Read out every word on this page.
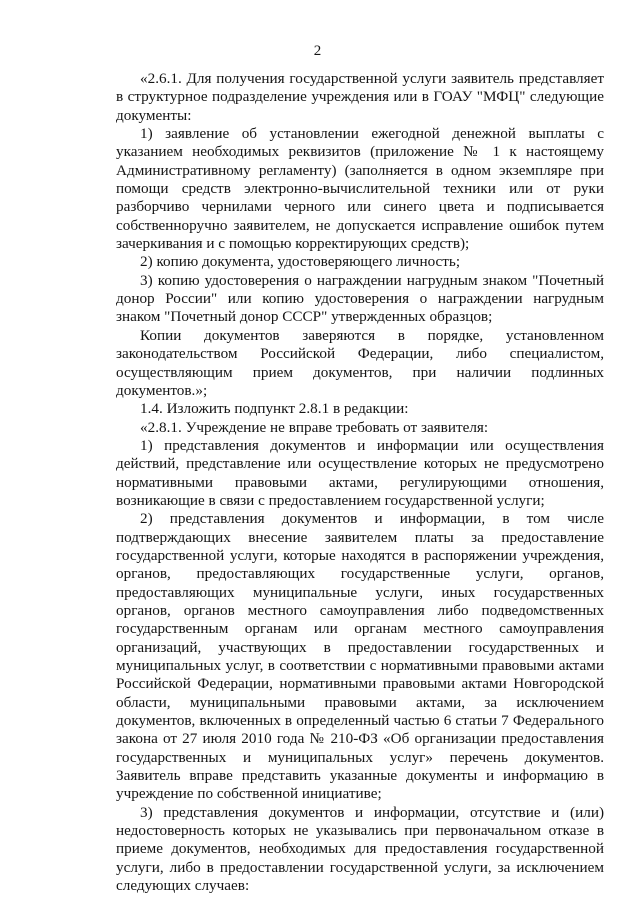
2

«2.6.1. Для получения государственной услуги заявитель представляет в структурное подразделение учреждения или в ГОАУ "МФЦ" следующие документы:

1) заявление об установлении ежегодной денежной выплаты с указанием необходимых реквизитов (приложение № 1 к настоящему Административному регламенту) (заполняется в одном экземпляре при помощи средств электронно-вычислительной техники или от руки разборчиво чернилами черного или синего цвета и подписывается собственноручно заявителем, не допускается исправление ошибок путем зачеркивания и с помощью корректирующих средств);

2) копию документа, удостоверяющего личность;

3) копию удостоверения о награждении нагрудным знаком "Почетный донор России" или копию удостоверения о награждении нагрудным знаком "Почетный донор СССР" утвержденных образцов;

Копии документов заверяются в порядке, установленном законодательством Российской Федерации, либо специалистом, осуществляющим прием документов, при наличии подлинных документов.»;

1.4. Изложить подпункт 2.8.1 в редакции:

«2.8.1. Учреждение не вправе требовать от заявителя:

1) представления документов и информации или осуществления действий, представление или осуществление которых не предусмотрено нормативными правовыми актами, регулирующими отношения, возникающие в связи с предоставлением государственной услуги;

2) представления документов и информации, в том числе подтверждающих внесение заявителем платы за предоставление государственной услуги, которые находятся в распоряжении учреждения, органов, предоставляющих государственные услуги, органов, предоставляющих муниципальные услуги, иных государственных органов, органов местного самоуправления либо подведомственных государственным органам или органам местного самоуправления организаций, участвующих в предоставлении государственных и муниципальных услуг, в соответствии с нормативными правовыми актами Российской Федерации, нормативными правовыми актами Новгородской области, муниципальными правовыми актами, за исключением документов, включенных в определенный частью 6 статьи 7 Федерального закона от 27 июля 2010 года № 210-ФЗ «Об организации предоставления государственных и муниципальных услуг» перечень документов. Заявитель вправе представить указанные документы и информацию в учреждение по собственной инициативе;

3) представления документов и информации, отсутствие и (или) недостоверность которых не указывались при первоначальном отказе в приеме документов, необходимых для предоставления государственной услуги, либо в предоставлении государственной услуги, за исключением следующих случаев:
